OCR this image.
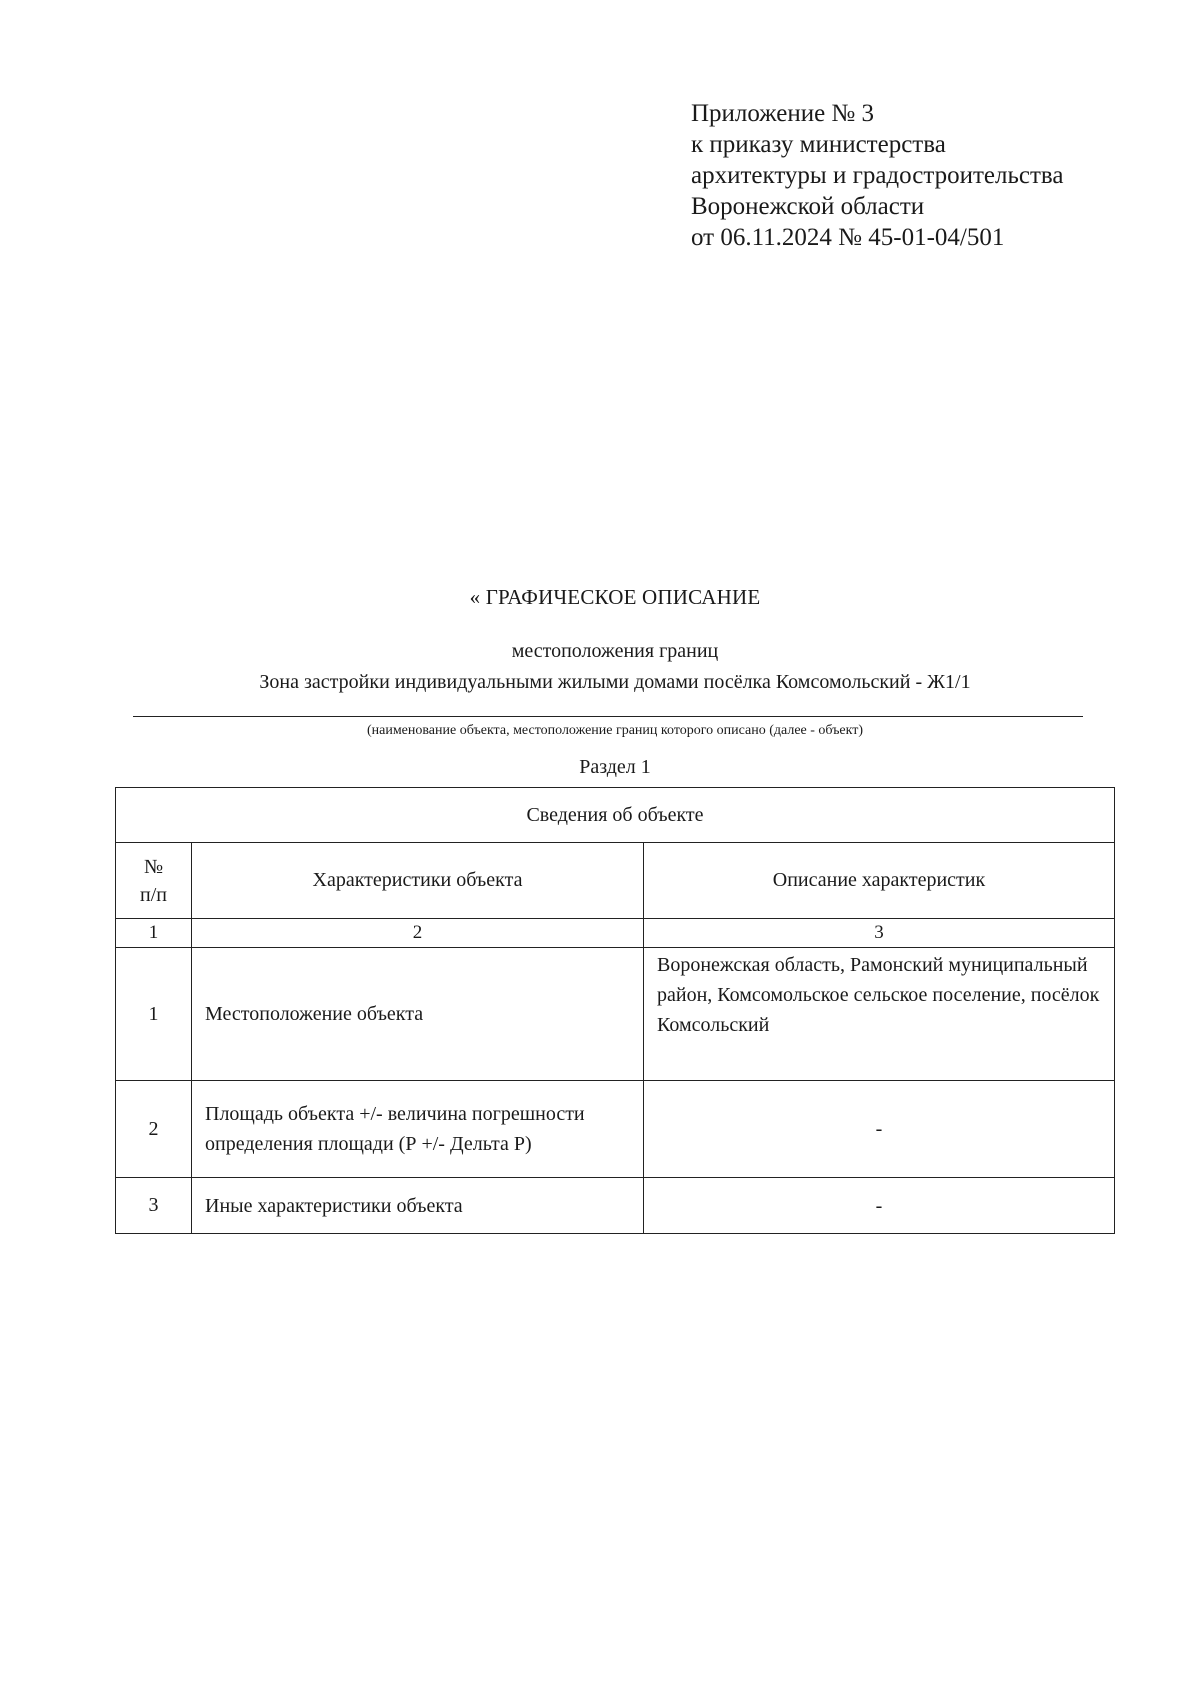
Приложение № 3
к приказу министерства
архитектуры и градостроительства
Воронежской области
от 06.11.2024 № 45-01-04/501
« ГРАФИЧЕСКОЕ ОПИСАНИЕ
местоположения границ
Зона застройки индивидуальными жилыми домами посёлка Комсомольский - Ж1/1
(наименование объекта, местоположение границ которого описано (далее - объект)
Раздел 1
Сведения об объекте		
№
п/п	Характеристики объекта	Описание характеристик
1	2	3
1	Местоположение объекта	Воронежская область, Рамонский муниципальный район, Комсомольское сельское поселение, посёлок Комсольский
2	Площадь объекта +/- величина погрешности определения площади (Р +/- Дельта Р)	-
3	Иные характеристики объекта	-
